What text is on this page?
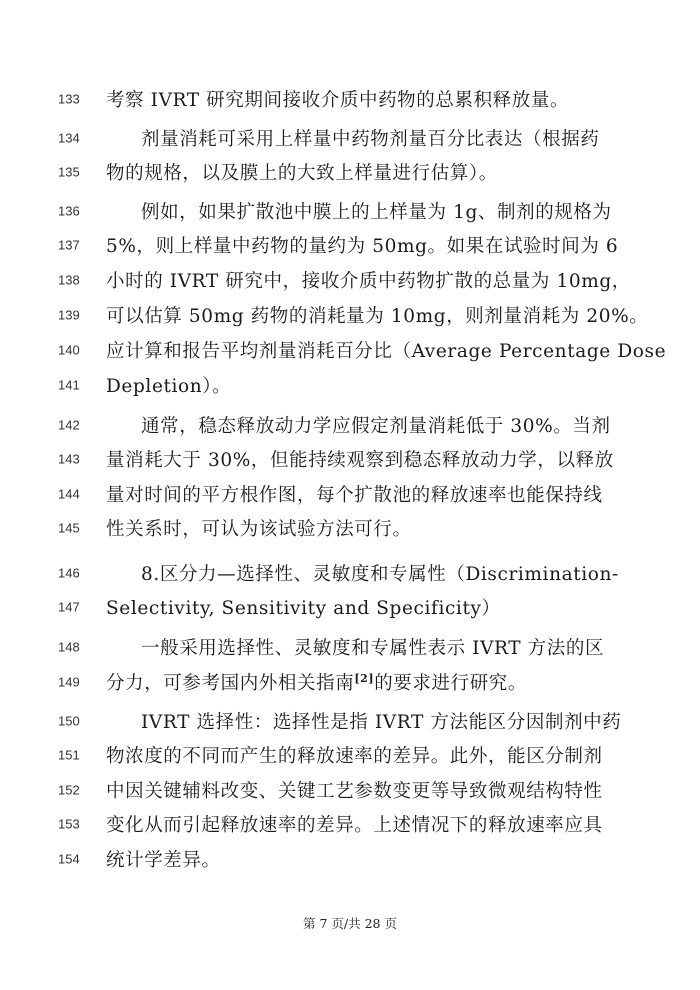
133	考察 IVRT 研究期间接收介质中药物的总累积释放量。
134	剂量消耗可采用上样量中药物剂量百分比表达（根据药
135	物的规格，以及膜上的大致上样量进行估算）。
136	例如，如果扩散池中膜上的上样量为 1g、制剂的规格为
137	5%，则上样量中药物的量约为 50mg。如果在试验时间为 6
138	小时的 IVRT 研究中，接收介质中药物扩散的总量为 10mg，
139	可以估算 50mg 药物的消耗量为 10mg，则剂量消耗为 20%。
140	应计算和报告平均剂量消耗百分比（Average Percentage Dose
141	Depletion）。
142	通常，稳态释放动力学应假定剂量消耗低于 30%。当剂
143	量消耗大于 30%，但能持续观察到稳态释放动力学，以释放
144	量对时间的平方根作图，每个扩散池的释放速率也能保持线
145	性关系时，可认为该试验方法可行。
146	8.区分力—选择性、灵敏度和专属性（Discrimination-
147	Selectivity, Sensitivity and Specificity）
148	一般采用选择性、灵敏度和专属性表示 IVRT 方法的区
149	分力，可参考国内外相关指南[2]的要求进行研究。
150	IVRT 选择性：选择性是指 IVRT 方法能区分因制剂中药
151	物浓度的不同而产生的释放速率的差异。此外，能区分制剂
152	中因关键辅料改变、关键工艺参数变更等导致微观结构特性
153	变化从而引起释放速率的差异。上述情况下的释放速率应具
154	统计学差异。
第 7 页/共 28 页
